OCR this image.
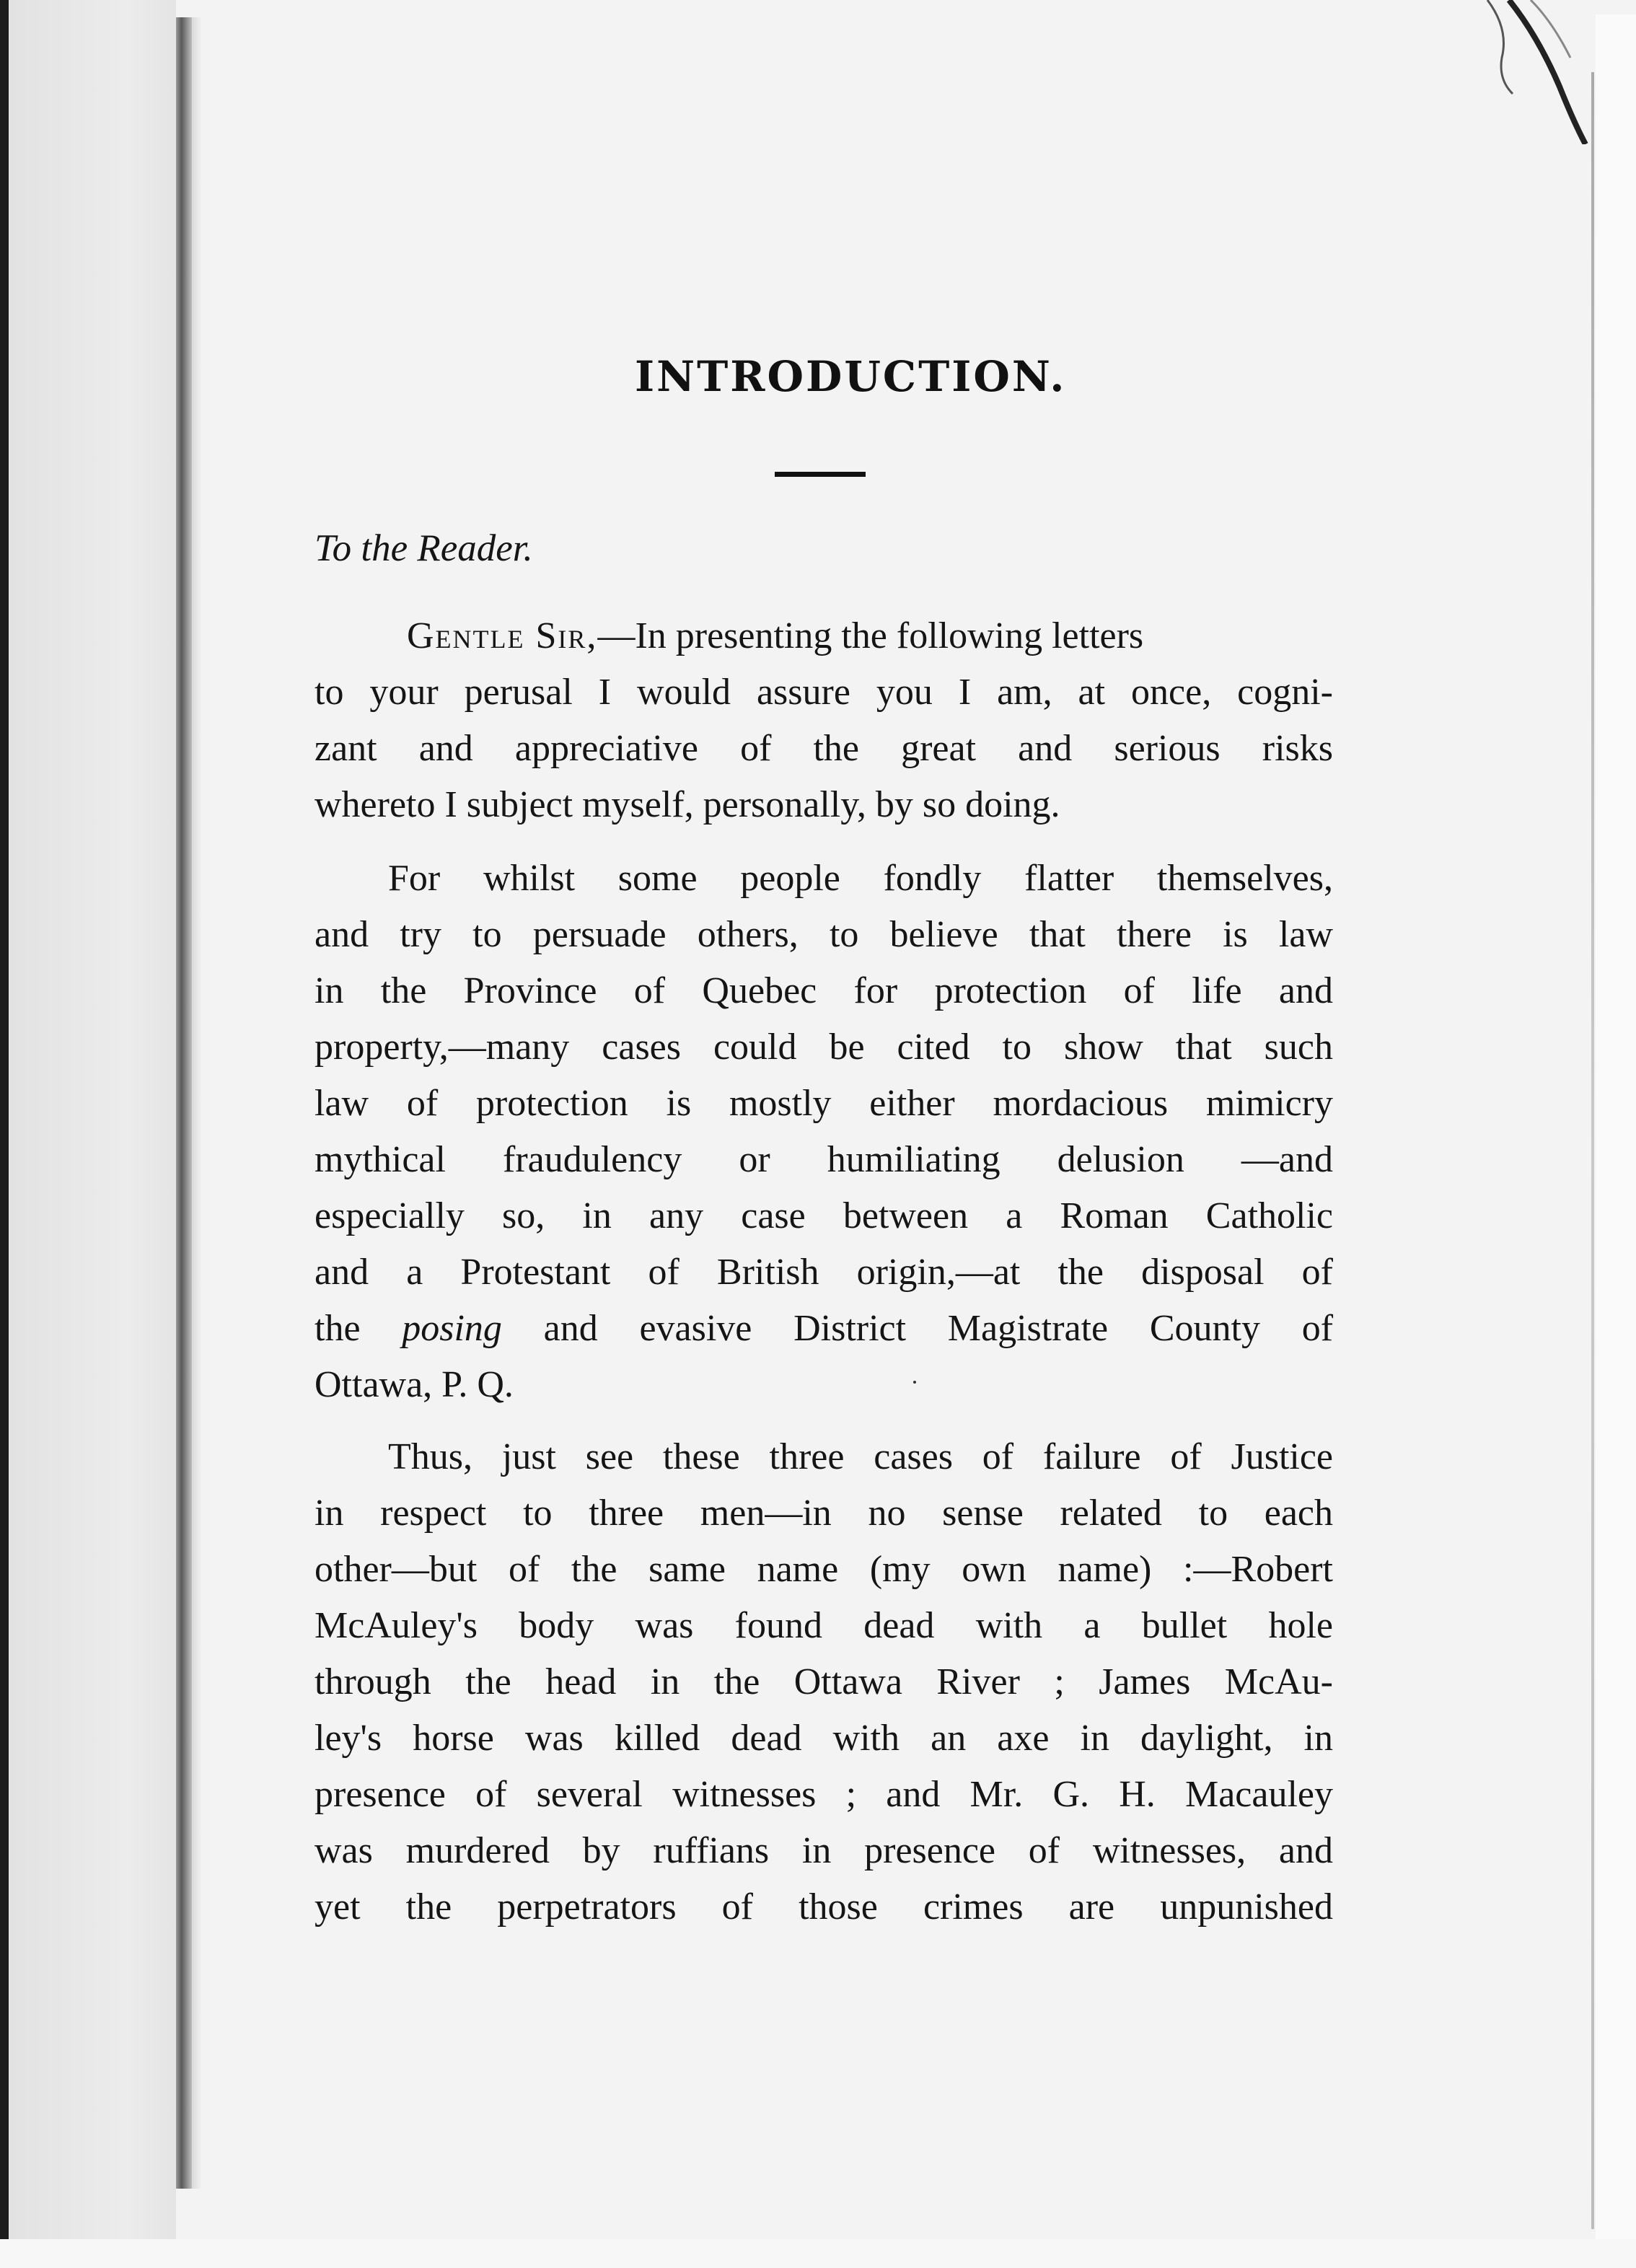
INTRODUCTION.
To the Reader.
Gentle Sir,—In presenting the following letters
to your perusal I would assure you I am, at once, cogni-
zant and appreciative of the great and serious risks
whereto I subject myself, personally, by so doing.
For whilst some people fondly flatter themselves,
and try to persuade others, to believe that there is law
in the Province of Quebec for protection of life and
property,—many cases could be cited to show that such
law of protection is mostly either mordacious mimicry
mythical fraudulency or humiliating delusion —and
especially so, in any case between a Roman Catholic
and a Protestant of British origin,—at the disposal of
the posing and evasive District Magistrate County of
Ottawa, P. Q.
Thus, just see these three cases of failure of Justice
in respect to three men—in no sense related to each
other—but of the same name (my own name) :—Robert
McAuley's body was found dead with a bullet hole
through the head in the Ottawa River ; James McAu-
ley's horse was killed dead with an axe in daylight, in
presence of several witnesses ; and Mr. G. H. Macauley
was murdered by ruffians in presence of witnesses, and
yet the perpetrators of those crimes are unpunished
